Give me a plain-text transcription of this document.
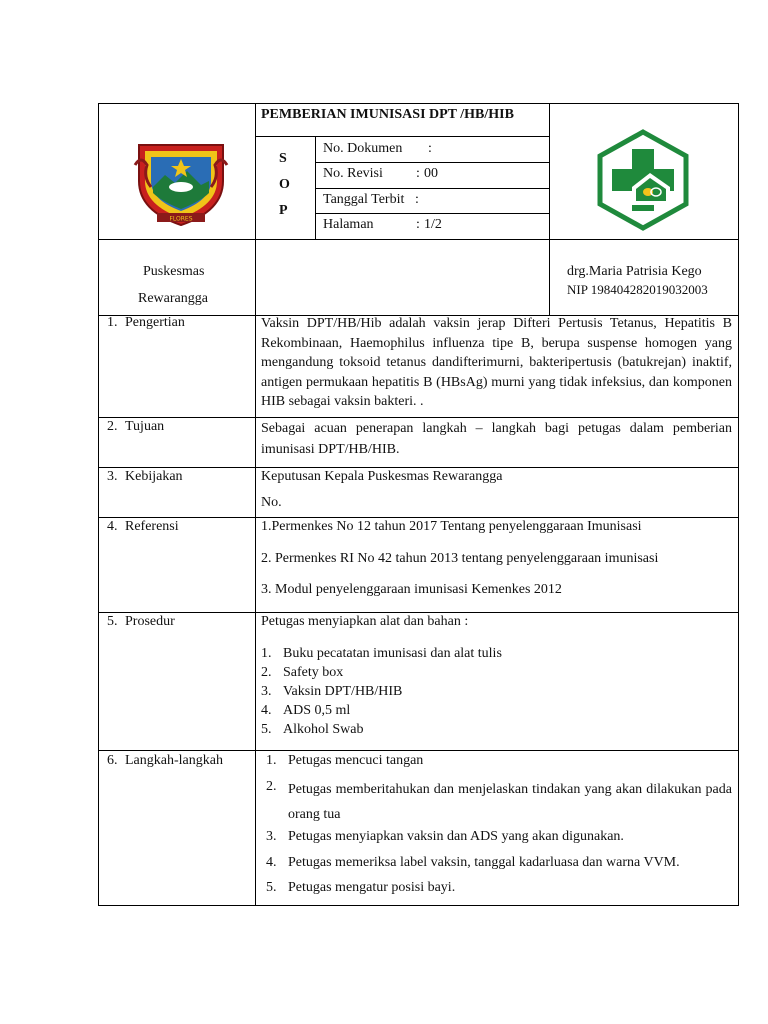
FLORES
PEMBERIAN IMUNISASI DPT /HB/HIB
S
O
P
No. Dokumen :
No. Revisi : 00
Tanggal Terbit :
Halaman	: 1/2
Puskesmas
Rewarangga
drg.Maria Patrisia Kego
NIP 198404282019032003
1. Pengertian	Vaksin DPT/HB/Hib adalah vaksin jerap Difteri Pertusis Tetanus, Hepatitis B Rekombinaan, Haemophilus influenza tipe B, berupa suspense homogen yang mengandung toksoid tetanus dandifterimurni, bakteripertusis (batukrejan) inaktif, antigen permukaan hepatitis B (HBsAg) murni yang tidak infeksius, dan komponen HIB sebagai vaksin bakteri. .
2. Tujuan	Sebagai acuan penerapan langkah – langkah bagi petugas dalam pemberian imunisasi DPT/HB/HIB.
3. Kebijakan	Keputusan Kepala Puskesmas Rewarangga
No.
4. Referensi	1.Permenkes No 12 tahun 2017 Tentang penyelenggaraan Imunisasi
2. Permenkes RI No 42 tahun 2013 tentang penyelenggaraan imunisasi
3. Modul penyelenggaraan imunisasi Kemenkes 2012
5. Prosedur	Petugas menyiapkan alat dan bahan :
1. Buku pecatatan imunisasi dan alat tulis
2. Safety box
3. Vaksin DPT/HB/HIB
4. ADS 0,5 ml
5. Alkohol Swab
6. Langkah-langkah	1. Petugas mencuci tangan
2. Petugas memberitahukan dan menjelaskan tindakan yang akan dilakukan pada orang tua
3. Petugas menyiapkan vaksin dan ADS yang akan digunakan.
4. Petugas memeriksa label vaksin, tanggal kadarluasa dan warna VVM.
5. Petugas mengatur posisi bayi.
